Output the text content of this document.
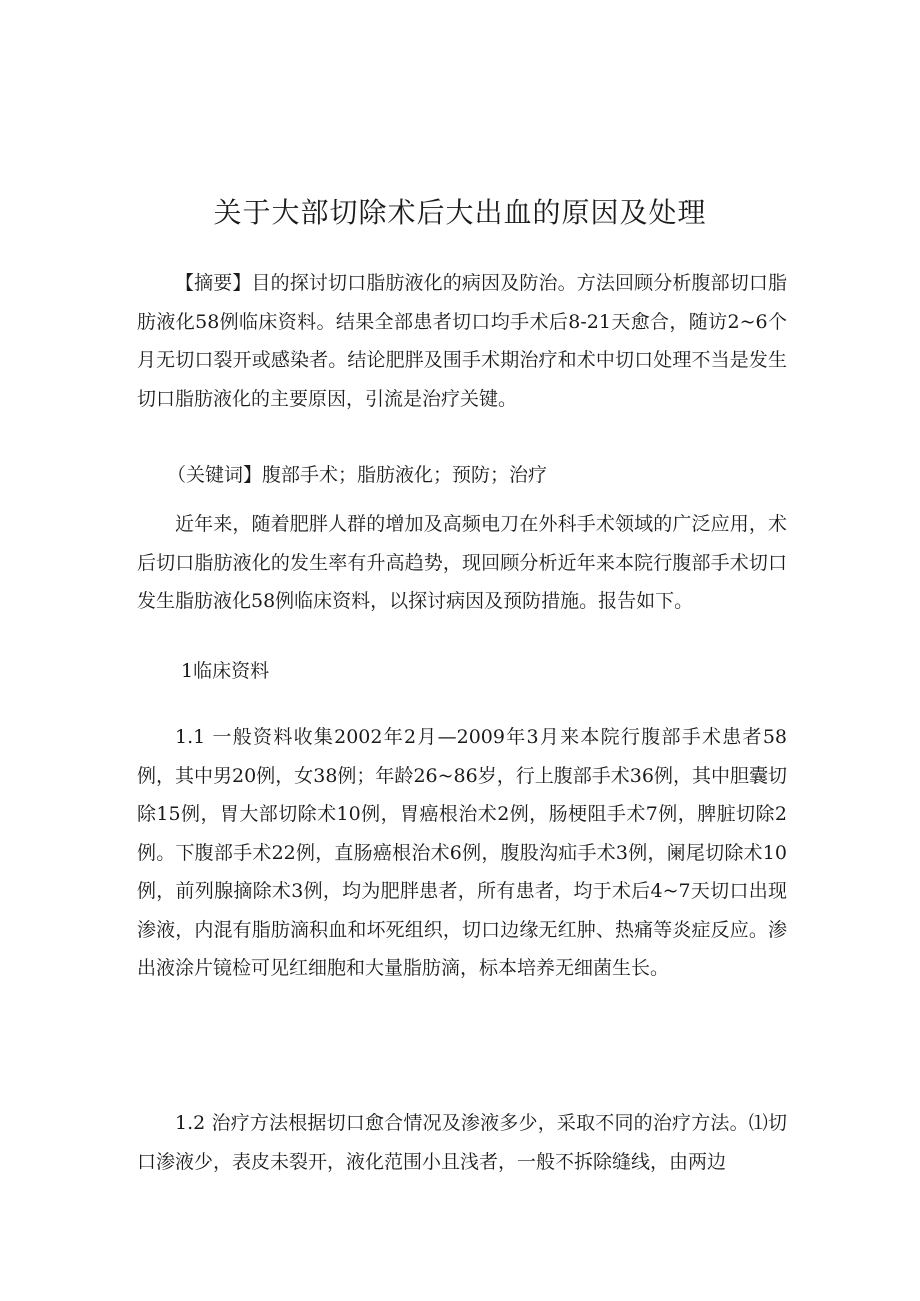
关于大部切除术后大出血的原因及处理

【摘要】目的探讨切口脂肪液化的病因及防治。方法回顾分析腹部切口脂肪液化58例临床资料。结果全部患者切口均手术后8-21天愈合，随访2~6个月无切口裂开或感染者。结论肥胖及围手术期治疗和术中切口处理不当是发生切口脂肪液化的主要原因，引流是治疗关键。

（关键词】腹部手术；脂肪液化；预防；治疗

近年来，随着肥胖人群的增加及高频电刀在外科手术领域的广泛应用，术后切口脂肪液化的发生率有升高趋势，现回顾分析近年来本院行腹部手术切口发生脂肪液化58例临床资料，以探讨病因及预防措施。报告如下。

1临床资料

1.1 一般资料收集2002年2月—2009年3月来本院行腹部手术患者58例，其中男20例，女38例；年龄26~86岁，行上腹部手术36例，其中胆囊切除15例，胃大部切除术10例，胃癌根治术2例，肠梗阻手术7例，脾脏切除2例。下腹部手术22例，直肠癌根治术6例，腹股沟疝手术3例，阑尾切除术10例，前列腺摘除术3例，均为肥胖患者，所有患者，均于术后4~7天切口出现渗液，内混有脂肪滴积血和坏死组织，切口边缘无红肿、热痛等炎症反应。渗出液涂片镜检可见红细胞和大量脂肪滴，标本培养无细菌生长。

1.2 治疗方法根据切口愈合情况及渗液多少，采取不同的治疗方法。⑴切口渗液少，表皮未裂开，液化范围小且浅者，一般不拆除缝线，由两边
